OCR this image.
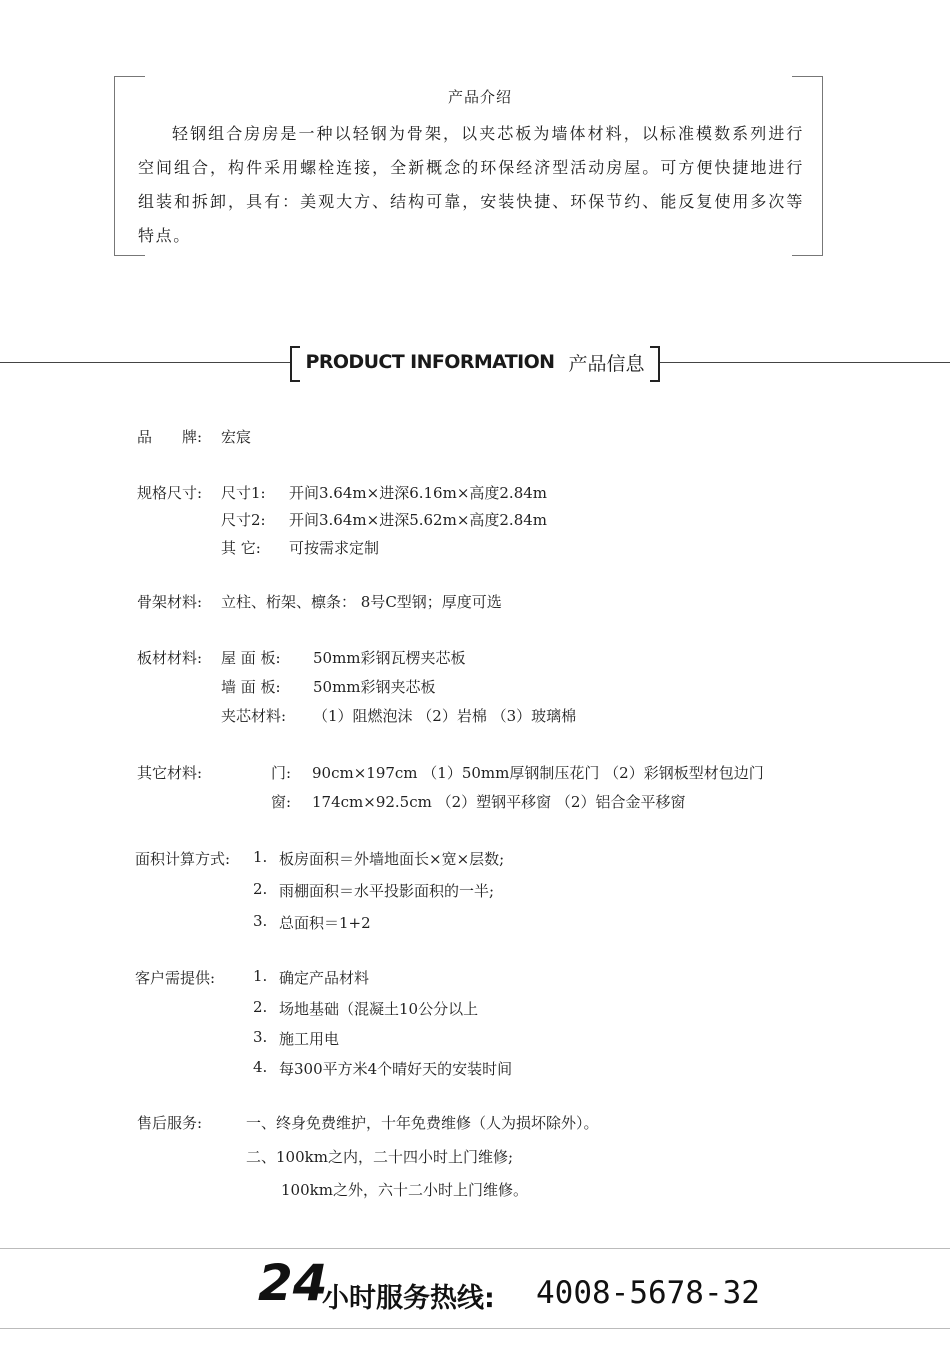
产品介绍
轻钢组合房房是一种以轻钢为骨架，以夹芯板为墙体材料，以标准模数系列进行空间组合，构件采用螺栓连接，全新概念的环保经济型活动房屋。可方便快捷地进行组装和拆卸，具有：美观大方、结构可靠，安装快捷、环保节约、能反复使用多次等特点。
PRODUCT INFORMATION 产品信息
品　　牌: 宏宸
规格尺寸: 尺寸1: 开间3.64m×进深6.16m×高度2.84m
尺寸2: 开间3.64m×进深5.62m×高度2.84m
其 它: 可按需求定制
骨架材料: 立柱、桁架、檩条： 8号C型钢；厚度可选
板材材料: 屋 面 板: 50mm彩钢瓦楞夹芯板
墙 面 板: 50mm彩钢夹芯板
夹芯材料: （1）阻燃泡沫 （2）岩棉 （3）玻璃棉
其它材料:	门: 90cm×197cm （1）50mm厚钢制压花门 （2）彩钢板型材包边门
窗: 174cm×92.5cm （2）塑钢平移窗 （2）铝合金平移窗
面积计算方式: 1. 板房面积＝外墙地面长×宽×层数;
2. 雨棚面积＝水平投影面积的一半;
3. 总面积＝1+2
客户需提供:	1. 确定产品材料
2. 场地基础（混凝土10公分以上
3. 施工用电
4. 每300平方米4个晴好天的安装时间
售后服务:	一、终身免费维护，十年免费维修（人为损坏除外）。
二、100km之内，二十四小时上门维修;
100km之外，六十二小时上门维修。
24
小时服务热线: 4008-5678-32
